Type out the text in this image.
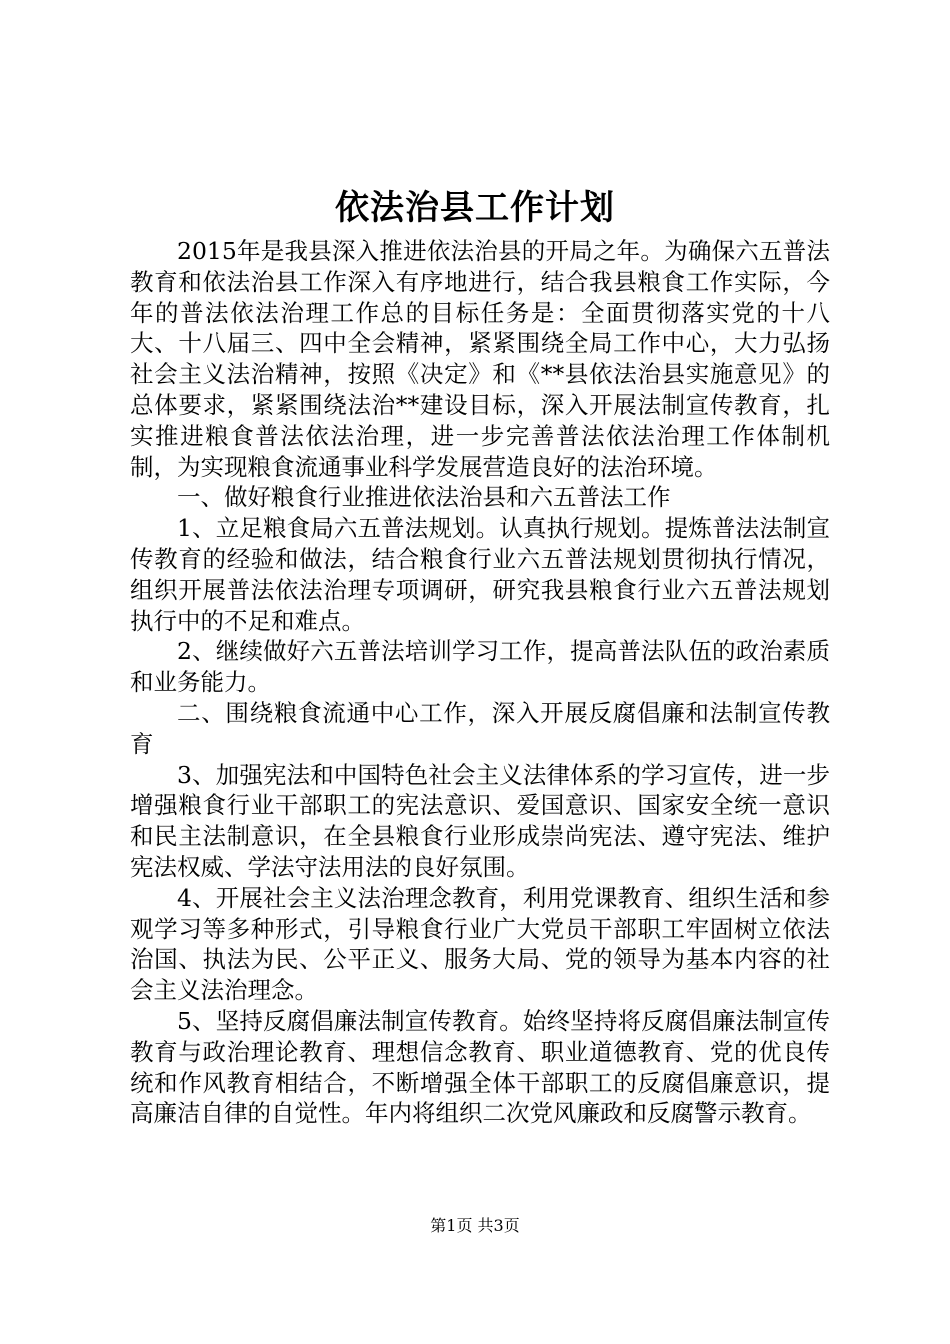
依法治县工作计划

2015年是我县深入推进依法治县的开局之年。为确保六五普法教育和依法治县工作深入有序地进行，结合我县粮食工作实际，今年的普法依法治理工作总的目标任务是：全面贯彻落实党的十八大、十八届三、四中全会精神，紧紧围绕全局工作中心，大力弘扬社会主义法治精神，按照《决定》和《**县依法治县实施意见》的总体要求，紧紧围绕法治**建设目标，深入开展法制宣传教育，扎实推进粮食普法依法治理，进一步完善普法依法治理工作体制机制，为实现粮食流通事业科学发展营造良好的法治环境。

一、做好粮食行业推进依法治县和六五普法工作

1、立足粮食局六五普法规划。认真执行规划。提炼普法法制宣传教育的经验和做法，结合粮食行业六五普法规划贯彻执行情况，组织开展普法依法治理专项调研，研究我县粮食行业六五普法规划执行中的不足和难点。

2、继续做好六五普法培训学习工作，提高普法队伍的政治素质和业务能力。

二、围绕粮食流通中心工作，深入开展反腐倡廉和法制宣传教育

3、加强宪法和中国特色社会主义法律体系的学习宣传，进一步增强粮食行业干部职工的宪法意识、爱国意识、国家安全统一意识和民主法制意识，在全县粮食行业形成崇尚宪法、遵守宪法、维护宪法权威、学法守法用法的良好氛围。

4、开展社会主义法治理念教育，利用党课教育、组织生活和参观学习等多种形式，引导粮食行业广大党员干部职工牢固树立依法治国、执法为民、公平正义、服务大局、党的领导为基本内容的社会主义法治理念。

5、坚持反腐倡廉法制宣传教育。始终坚持将反腐倡廉法制宣传教育与政治理论教育、理想信念教育、职业道德教育、党的优良传统和作风教育相结合，不断增强全体干部职工的反腐倡廉意识，提高廉洁自律的自觉性。年内将组织二次党风廉政和反腐警示教育。

第1页 共3页
